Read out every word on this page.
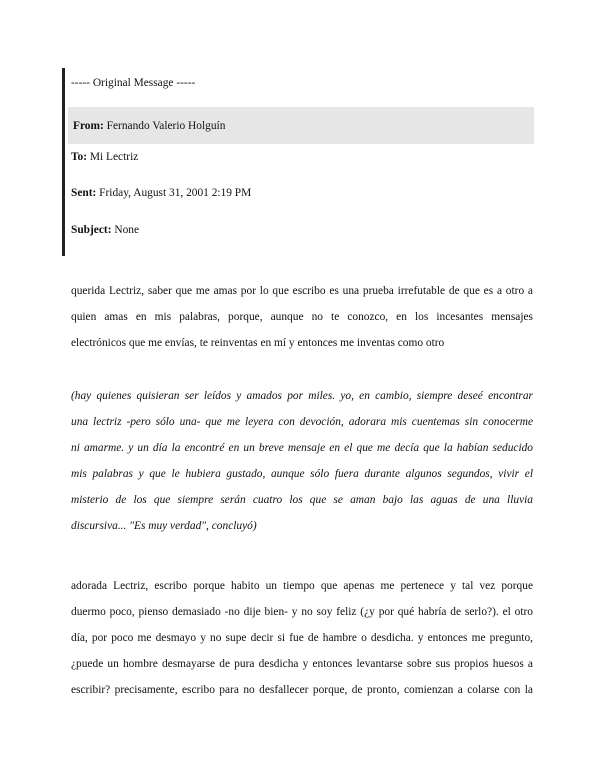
----- Original Message -----
From: Fernando Valerio Holguín
To: Mi Lectriz
Sent: Friday, August 31, 2001 2:19 PM
Subject: None
querida Lectriz, saber que me amas por lo que escribo es una prueba irrefutable de que es a otro a
quien amas en mis palabras, porque, aunque no te conozco, en los incesantes mensajes
electrónicos que me envías, te reinventas en mí y entonces me inventas como otro
(hay quienes quisieran ser leídos y amados por miles. yo, en cambio, siempre deseé encontrar
una lectriz -pero sólo una- que me leyera con devoción, adorara mis cuentemas sin conocerme
ni amarme. y un día la encontré en un breve mensaje en el que me decía que la habían seducido
mis palabras y que le hubiera gustado, aunque sólo fuera durante algunos segundos, vivir el
misterio de los que siempre serán cuatro los que se aman bajo las aguas de una lluvia
discursiva... "Es muy verdad", concluyó)
adorada Lectriz, escribo porque habito un tiempo que apenas me pertenece y tal vez porque
duermo poco, pienso demasiado -no dije bien- y no soy feliz (¿y por qué habría de serlo?). el otro
día, por poco me desmayo y no supe decir si fue de hambre o desdicha. y entonces me pregunto,
¿puede un hombre desmayarse de pura desdicha y entonces levantarse sobre sus propios huesos a
escribir? precisamente, escribo para no desfallecer porque, de pronto, comienzan a colarse con la
